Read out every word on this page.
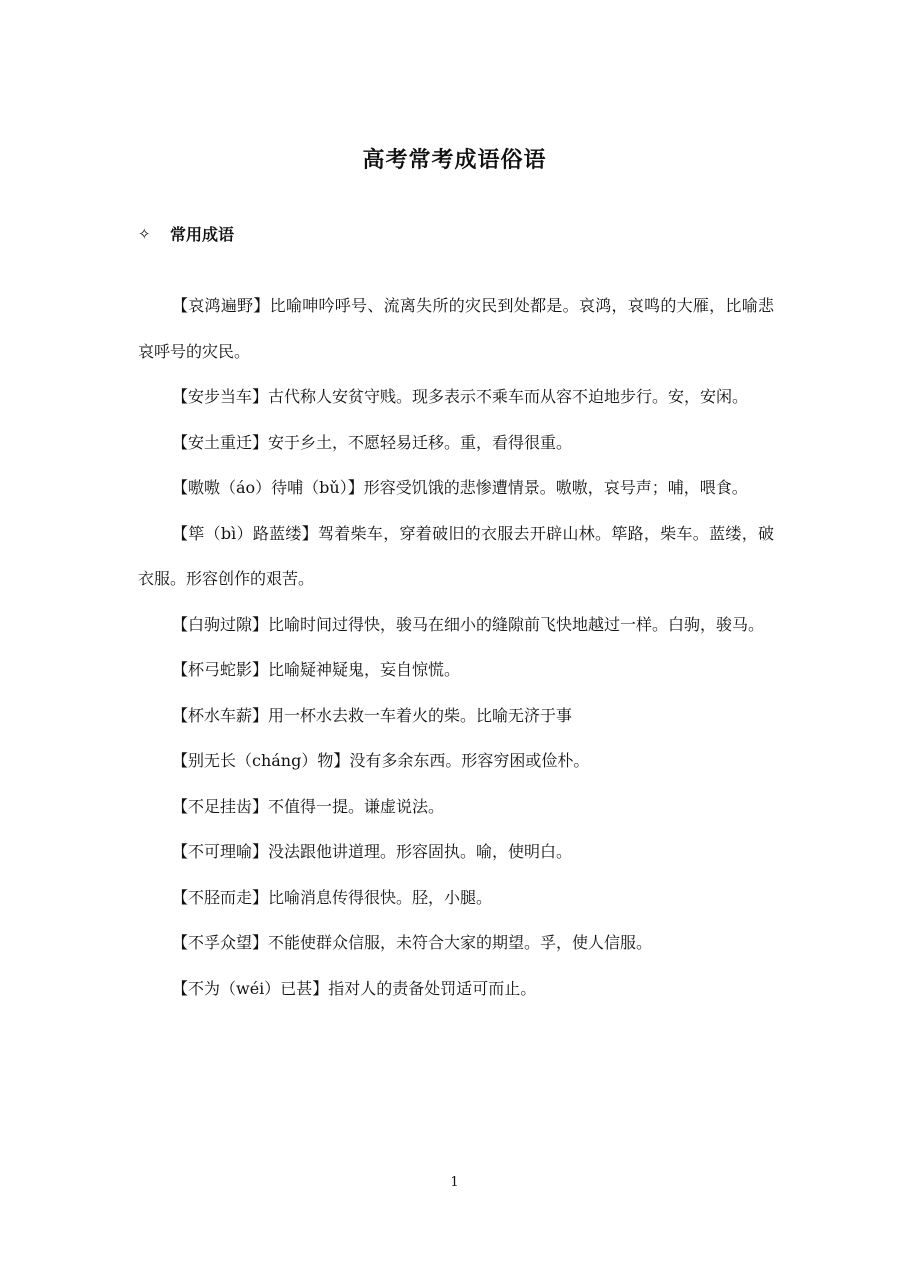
高考常考成语俗语
✧ 常用成语

【哀鸿遍野】比喻呻吟呼号、流离失所的灾民到处都是。哀鸿，哀鸣的大雁，比喻悲哀呼号的灾民。

【安步当车】古代称人安贫守贱。现多表示不乘车而从容不迫地步行。安，安闲。

【安土重迁】安于乡土，不愿轻易迁移。重，看得很重。

【嗷嗷（áo）待哺（bǔ）】形容受饥饿的悲惨遭情景。嗷嗷，哀号声；哺，喂食。

【筚（bì）路蓝缕】驾着柴车，穿着破旧的衣服去开辟山林。筚路，柴车。蓝缕，破衣服。形容创作的艰苦。

【白驹过隙】比喻时间过得快，骏马在细小的缝隙前飞快地越过一样。白驹，骏马。

【杯弓蛇影】比喻疑神疑鬼，妄自惊慌。

【杯水车薪】用一杯水去救一车着火的柴。比喻无济于事

【别无长（cháng）物】没有多余东西。形容穷困或俭朴。

【不足挂齿】不值得一提。谦虚说法。

【不可理喻】没法跟他讲道理。形容固执。喻，使明白。

【不胫而走】比喻消息传得很快。胫，小腿。

【不孚众望】不能使群众信服，未符合大家的期望。孚，使人信服。

【不为（wéi）已甚】指对人的责备处罚适可而止。

1
